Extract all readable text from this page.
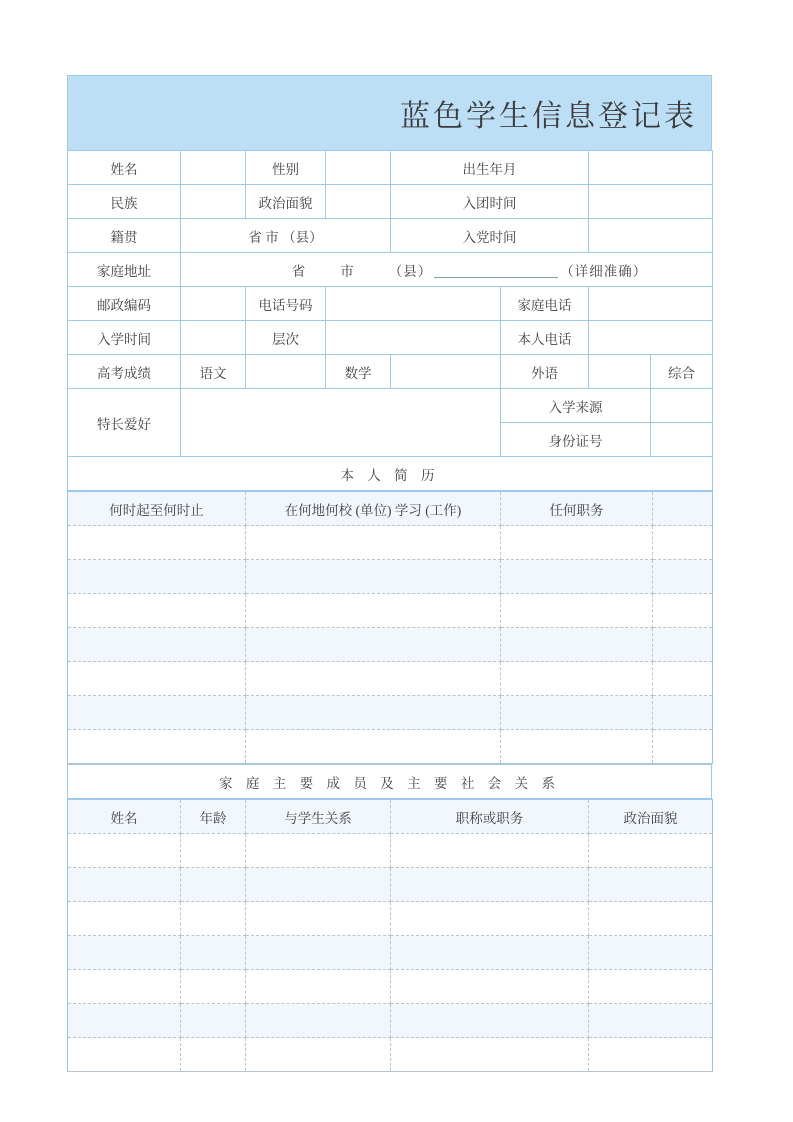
蓝色学生信息登记表
姓名		性别		出生年月			
民族		政治面貌		入团时间			
籍贯	省 市 （县）			入党时间			
家庭地址	省 市 （县） （详细准确）						
邮政编码		电话号码			家庭电话		
入学时间		层次			本人电话		
高考成绩	语文		数学		外语		综合
特长爱好					入学来源		
					身份证号		
本 人 简 历							
何时起至何时止	在何地何校 (单位) 学习 (工作)	任何职务	

家 庭 主 要 成 员 及 主 要 社 会 关 系
姓名	年龄	与学生关系	职称或职务	政治面貌
